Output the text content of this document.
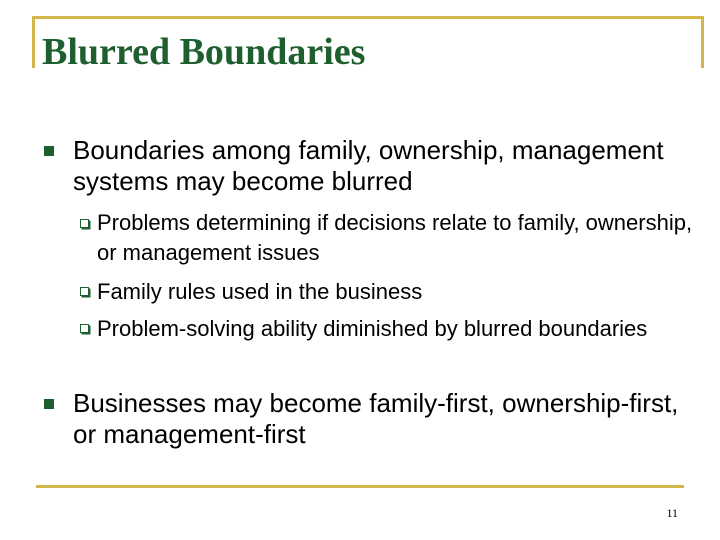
Blurred Boundaries
Boundaries among family, ownership, management systems may become blurred
Problems determining if decisions relate to family, ownership, or management issues
Family rules used in the business
Problem-solving ability diminished by blurred boundaries
Businesses may become family-first, ownership-first, or management-first
11
